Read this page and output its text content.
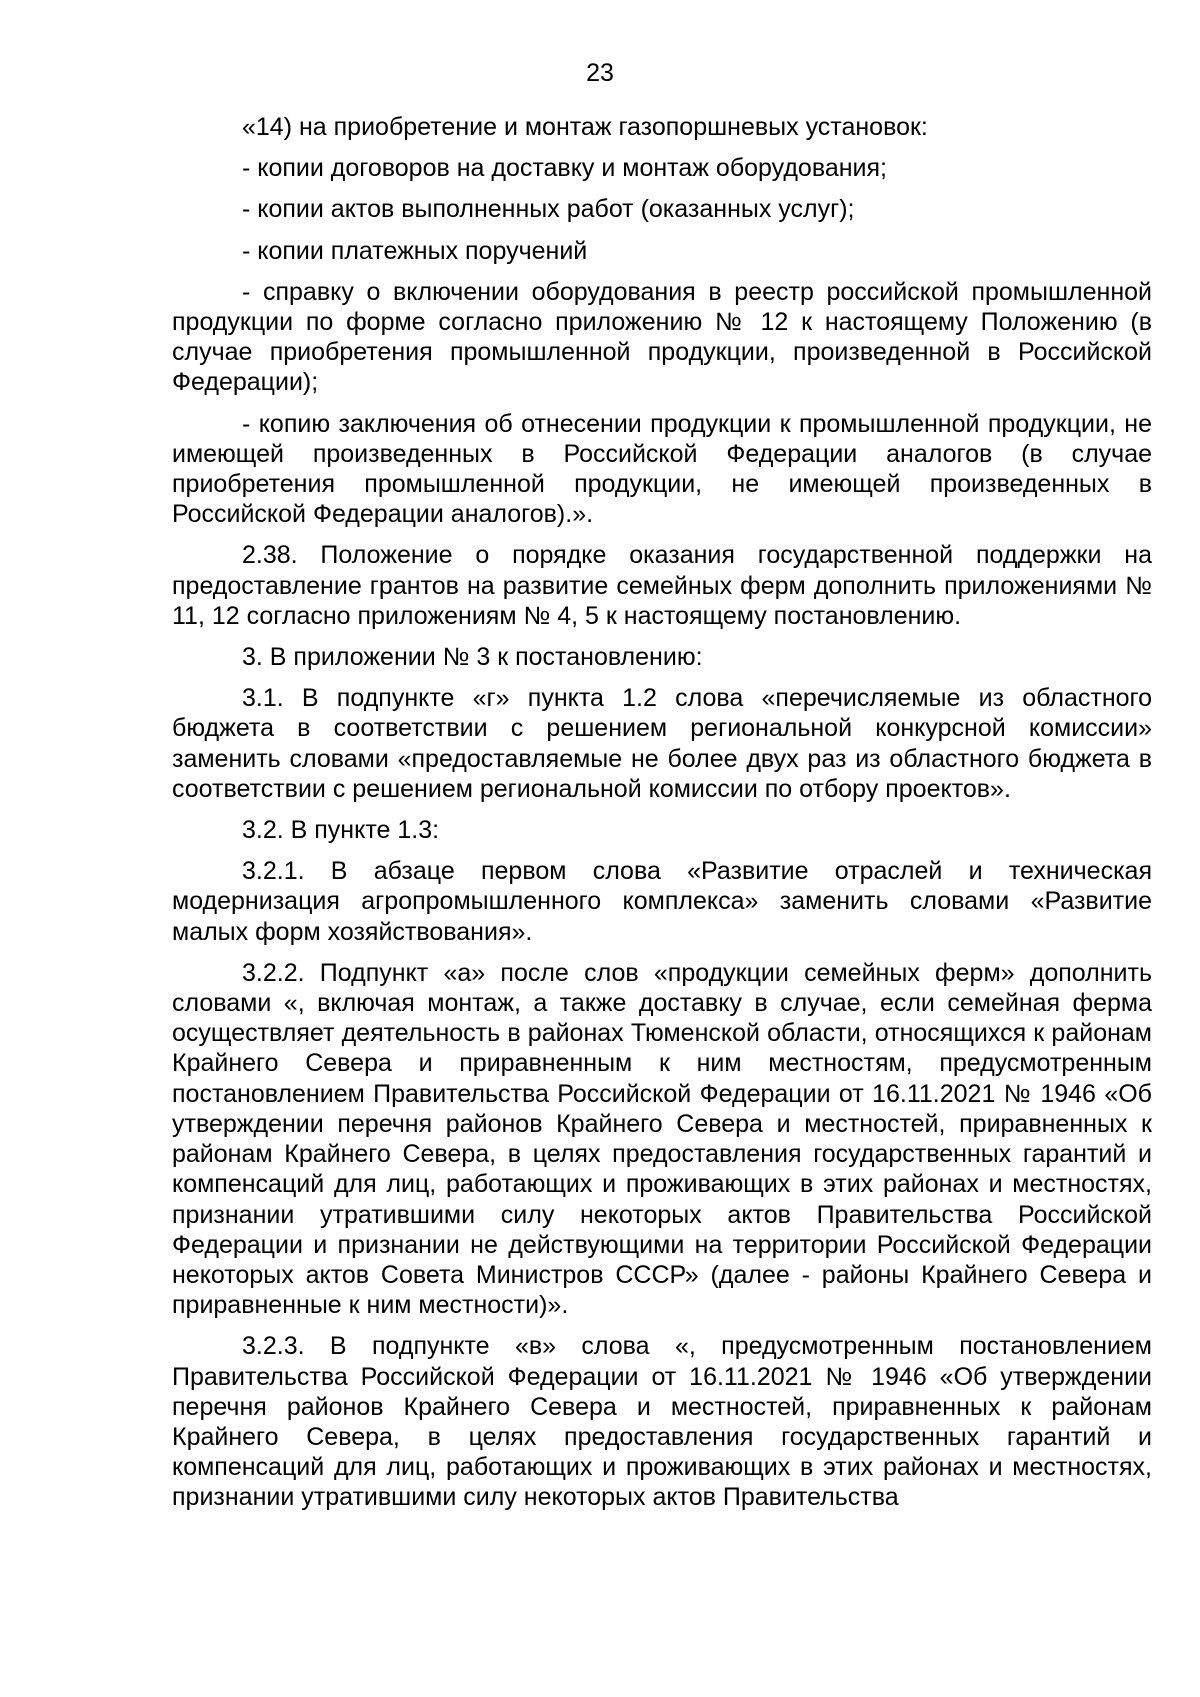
23

«14) на приобретение и монтаж газопоршневых установок:

- копии договоров на доставку и монтаж оборудования;

- копии актов выполненных работ (оказанных услуг);

- копии платежных поручений

- справку о включении оборудования в реестр российской промышленной продукции по форме согласно приложению № 12 к настоящему Положению (в случае приобретения промышленной продукции, произведенной в Российской Федерации);

- копию заключения об отнесении продукции к промышленной продукции, не имеющей произведенных в Российской Федерации аналогов (в случае приобретения промышленной продукции, не имеющей произведенных в Российской Федерации аналогов).».

2.38. Положение о порядке оказания государственной поддержки на предоставление грантов на развитие семейных ферм дополнить приложениями № 11, 12 согласно приложениям № 4, 5 к настоящему постановлению.

3. В приложении № 3 к постановлению:

3.1. В подпункте «г» пункта 1.2 слова «перечисляемые из областного бюджета в соответствии с решением региональной конкурсной комиссии» заменить словами «предоставляемые не более двух раз из областного бюджета в соответствии с решением региональной комиссии по отбору проектов».

3.2. В пункте 1.3:

3.2.1. В абзаце первом слова «Развитие отраслей и техническая модернизация агропромышленного комплекса» заменить словами «Развитие малых форм хозяйствования».

3.2.2. Подпункт «а» после слов «продукции семейных ферм» дополнить словами «, включая монтаж, а также доставку в случае, если семейная ферма осуществляет деятельность в районах Тюменской области, относящихся к районам Крайнего Севера и приравненным к ним местностям, предусмотренным постановлением Правительства Российской Федерации от 16.11.2021 № 1946 «Об утверждении перечня районов Крайнего Севера и местностей, приравненных к районам Крайнего Севера, в целях предоставления государственных гарантий и компенсаций для лиц, работающих и проживающих в этих районах и местностях, признании утратившими силу некоторых актов Правительства Российской Федерации и признании не действующими на территории Российской Федерации некоторых актов Совета Министров СССР» (далее - районы Крайнего Севера и приравненные к ним местности)».

3.2.3. В подпункте «в» слова «, предусмотренным постановлением Правительства Российской Федерации от 16.11.2021 № 1946 «Об утверждении перечня районов Крайнего Севера и местностей, приравненных к районам Крайнего Севера, в целях предоставления государственных гарантий и компенсаций для лиц, работающих и проживающих в этих районах и местностях, признании утратившими силу некоторых актов Правительства
